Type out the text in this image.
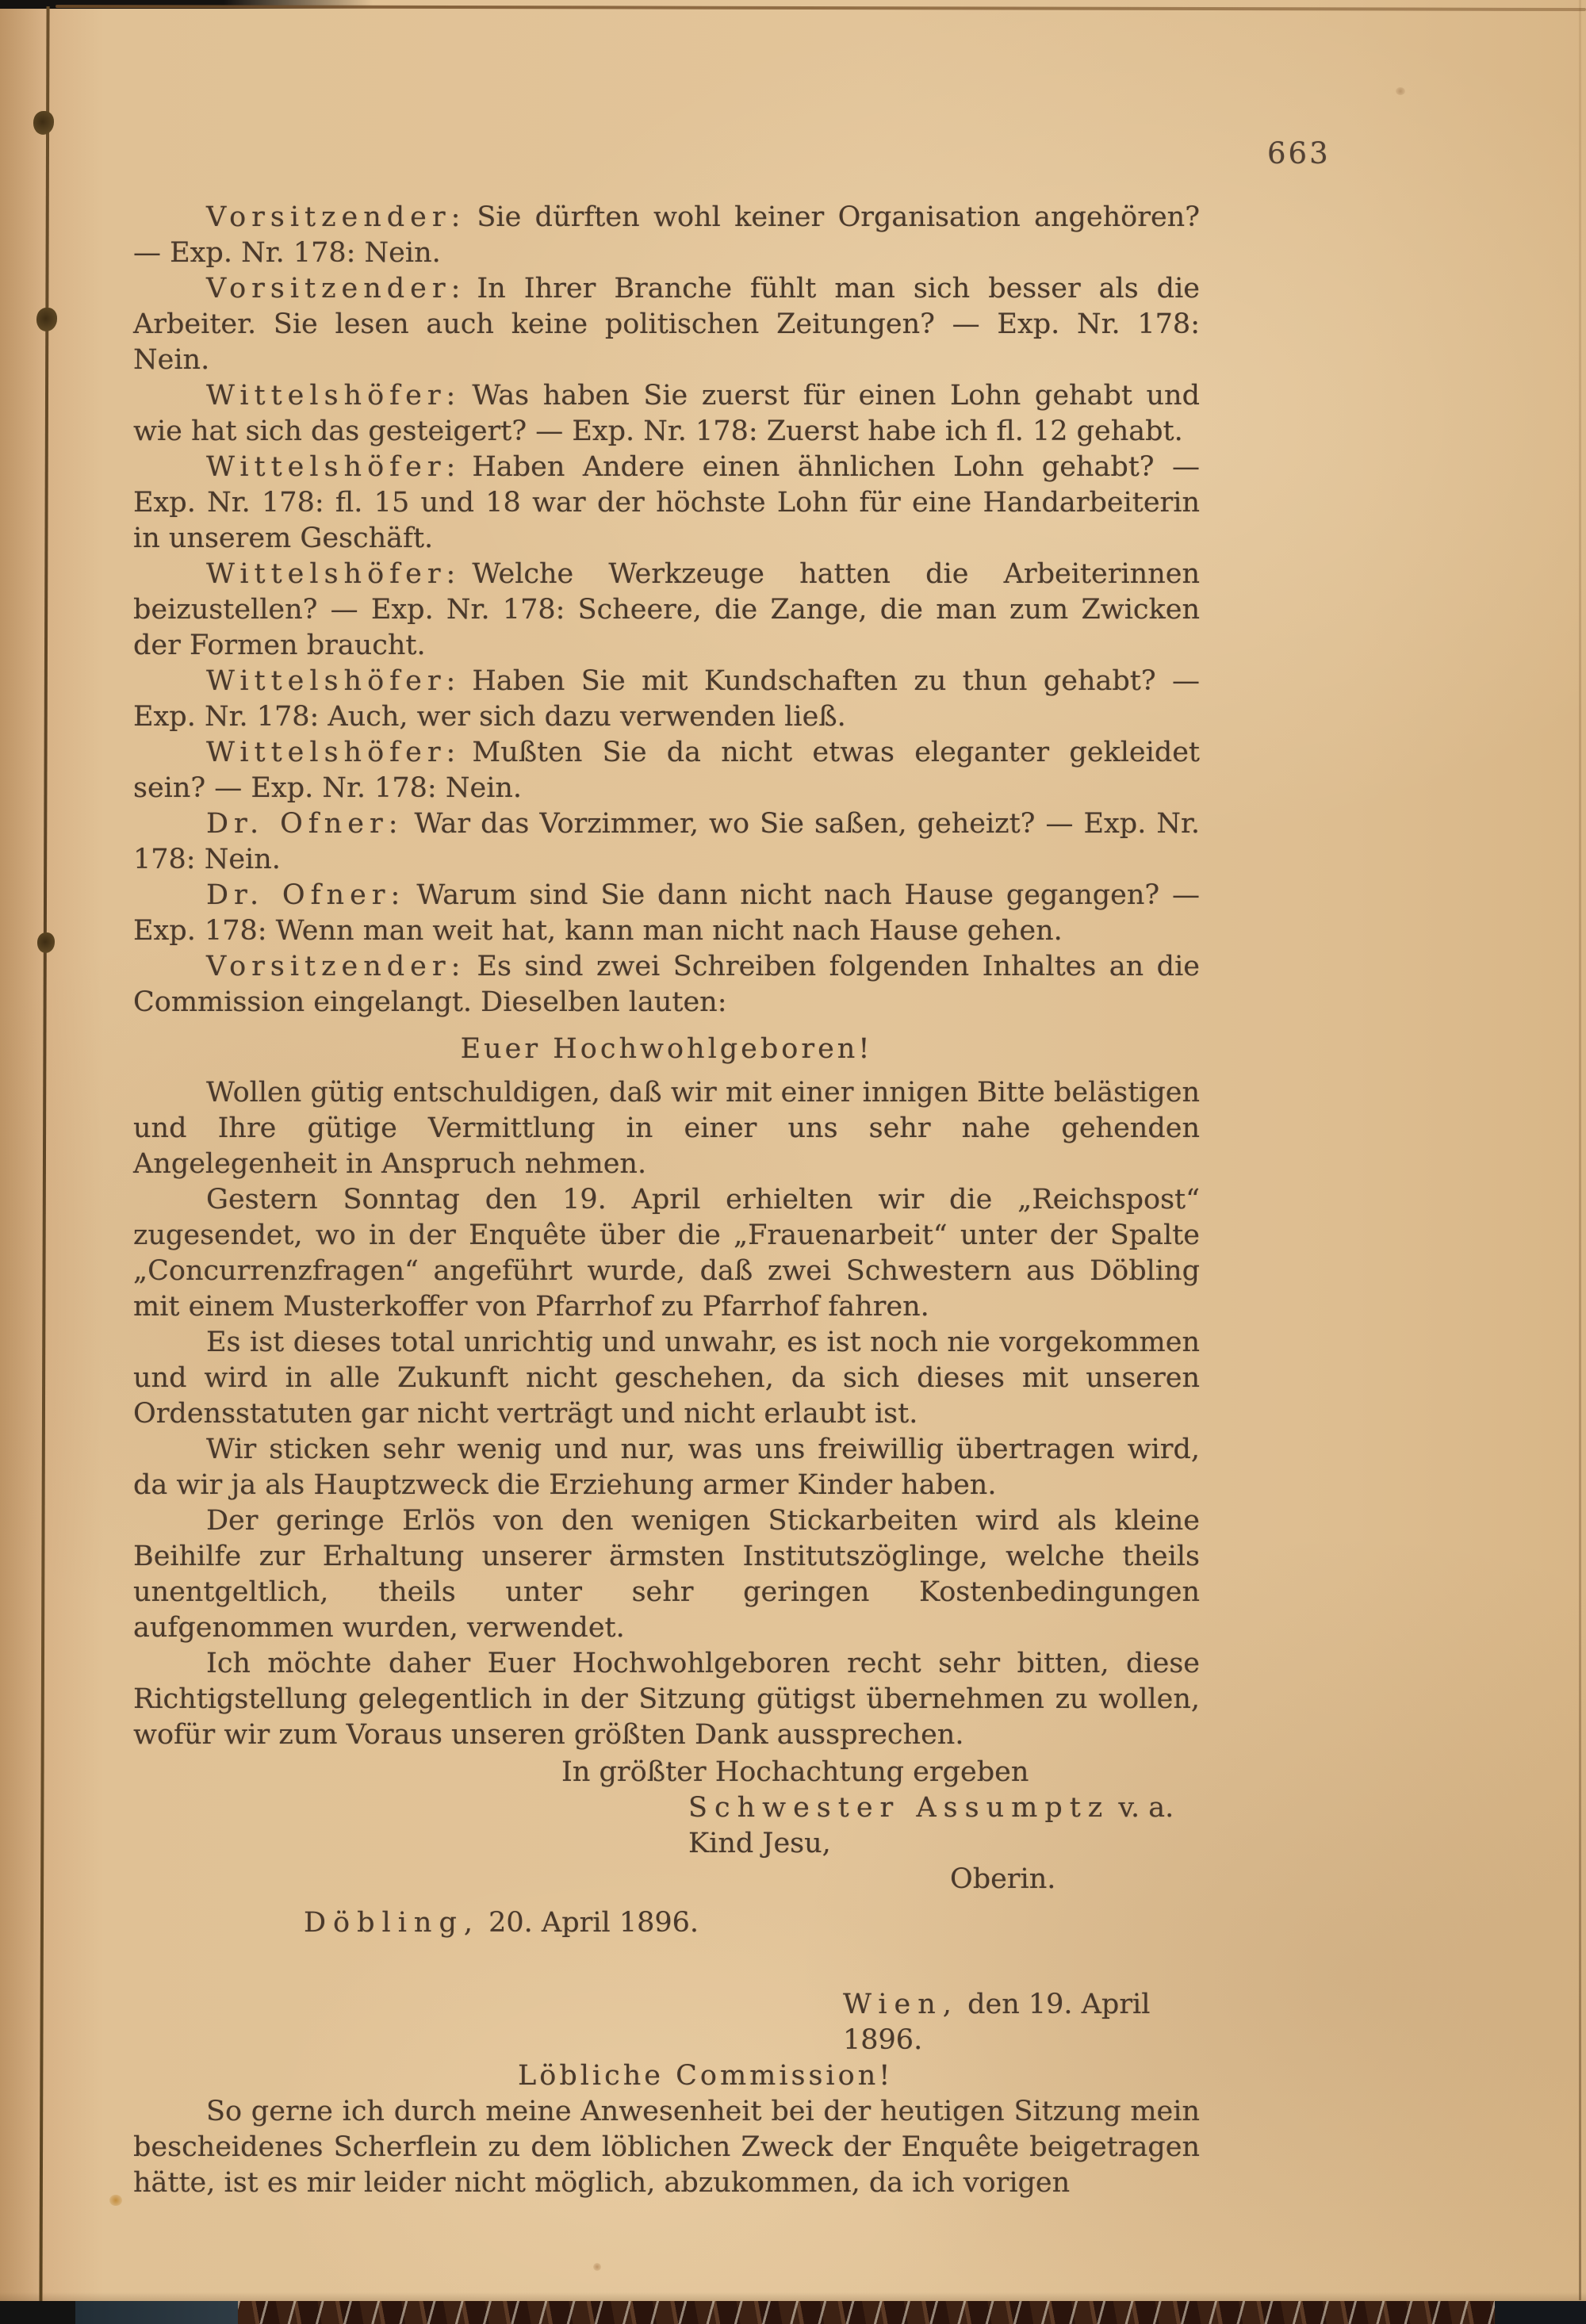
663

Vorsitzender: Sie dürften wohl keiner Organisation angehören? — Exp. Nr. 178: Nein.

Vorsitzender: In Ihrer Branche fühlt man sich besser als die Arbeiter. Sie lesen auch keine politischen Zeitungen? — Exp. Nr. 178: Nein.

Wittelshöfer: Was haben Sie zuerst für einen Lohn gehabt und wie hat sich das gesteigert? — Exp. Nr. 178: Zuerst habe ich fl. 12 gehabt.

Wittelshöfer: Haben Andere einen ähnlichen Lohn gehabt? — Exp. Nr. 178: fl. 15 und 18 war der höchste Lohn für eine Handarbeiterin in unserem Geschäft.

Wittelshöfer: Welche Werkzeuge hatten die Arbeiterinnen beizustellen? — Exp. Nr. 178: Scheere, die Zange, die man zum Zwicken der Formen braucht.

Wittelshöfer: Haben Sie mit Kundschaften zu thun gehabt? — Exp. Nr. 178: Auch, wer sich dazu verwenden ließ.

Wittelshöfer: Mußten Sie da nicht etwas eleganter gekleidet sein? — Exp. Nr. 178: Nein.

Dr. Ofner: War das Vorzimmer, wo Sie saßen, geheizt? — Exp. Nr. 178: Nein.

Dr. Ofner: Warum sind Sie dann nicht nach Hause gegangen? — Exp. 178: Wenn man weit hat, kann man nicht nach Hause gehen.

Vorsitzender: Es sind zwei Schreiben folgenden Inhaltes an die Commission eingelangt. Dieselben lauten:

Euer Hochwohlgeboren!

Wollen gütig entschuldigen, daß wir mit einer innigen Bitte belästigen und Ihre gütige Vermittlung in einer uns sehr nahe gehenden Angelegenheit in Anspruch nehmen.

Gestern Sonntag den 19. April erhielten wir die „Reichspost“ zugesendet, wo in der Enquête über die „Frauenarbeit“ unter der Spalte „Concurrenzfragen“ angeführt wurde, daß zwei Schwestern aus Döbling mit einem Musterkoffer von Pfarrhof zu Pfarrhof fahren.

Es ist dieses total unrichtig und unwahr, es ist noch nie vorgekommen und wird in alle Zukunft nicht geschehen, da sich dieses mit unseren Ordensstatuten gar nicht verträgt und nicht erlaubt ist.

Wir sticken sehr wenig und nur, was uns freiwillig übertragen wird, da wir ja als Hauptzweck die Erziehung armer Kinder haben.

Der geringe Erlös von den wenigen Stickarbeiten wird als kleine Beihilfe zur Erhaltung unserer ärmsten Institutszöglinge, welche theils unentgeltlich, theils unter sehr geringen Kostenbedingungen aufgenommen wurden, verwendet.

Ich möchte daher Euer Hochwohlgeboren recht sehr bitten, diese Richtigstellung gelegentlich in der Sitzung gütigst übernehmen zu wollen, wofür wir zum Voraus unseren größten Dank aussprechen.

In größter Hochachtung ergeben

Schwester Assumptz v. a. Kind Jesu,

Oberin.

Döbling, 20. April 1896.

Wien, den 19. April 1896.

Löbliche Commission!

So gerne ich durch meine Anwesenheit bei der heutigen Sitzung mein bescheidenes Scherflein zu dem löblichen Zweck der Enquête beigetragen hätte, ist es mir leider nicht möglich, abzukommen, da ich vorigen
